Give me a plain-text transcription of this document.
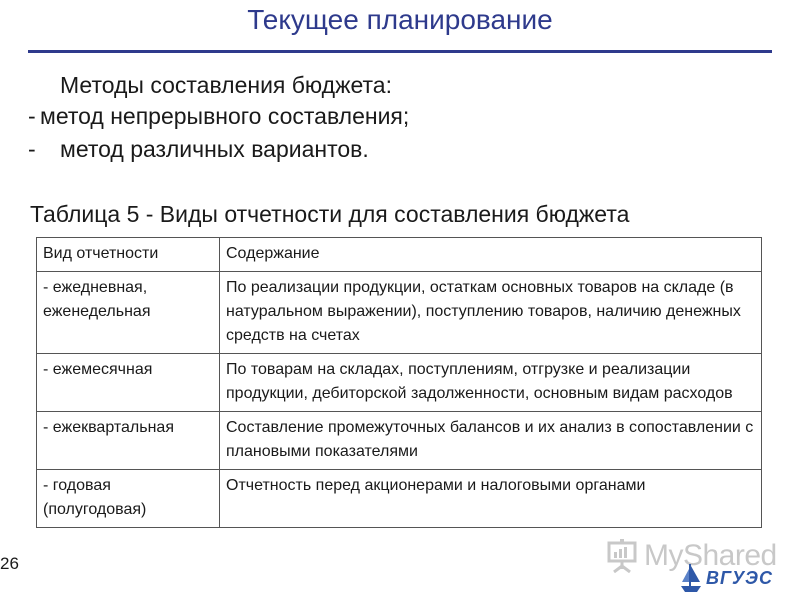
Текущее планирование
Методы составления бюджета:
- метод непрерывного составления;
- метод различных вариантов.
Таблица 5 - Виды отчетности для составления бюджета
Вид отчетности	Содержание
- ежедневная, еженедельная	По реализации продукции, остаткам основных товаров на складе (в натуральном выражении), поступлению товаров, наличию денежных средств на счетах
- ежемесячная	По товарам на складах, поступлениям, отгрузке и реализации продукции, дебиторской задолженности, основным видам расходов
- ежеквартальная	Составление промежуточных балансов и их анализ в сопоставлении с плановыми показателями
- годовая (полугодовая)	Отчетность перед акционерами и налоговыми органами
26	MyShared
ВГУЭС
